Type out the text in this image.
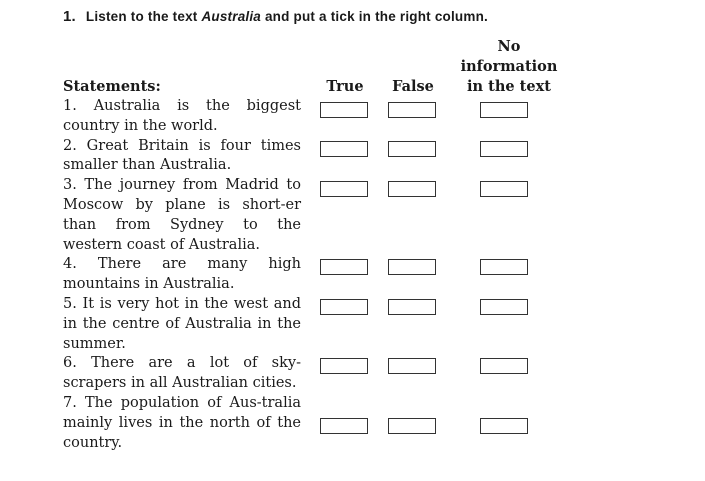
1. Listen to the text Australia and put a tick in the right column.
Statements:	True	False
No information in the text
1. Australia is the biggest country in the world.
2. Great Britain is four times smaller than Australia.
3. The journey from Madrid to Moscow by plane is short-er than from Sydney to the western coast of Australia.
4. There are many high mountains in Australia.
5. It is very hot in the west and in the centre of Australia in the summer.
6. There are a lot of sky-scrapers in all Australian cities.
7. The population of Aus-tralia mainly lives in the north of the country.
